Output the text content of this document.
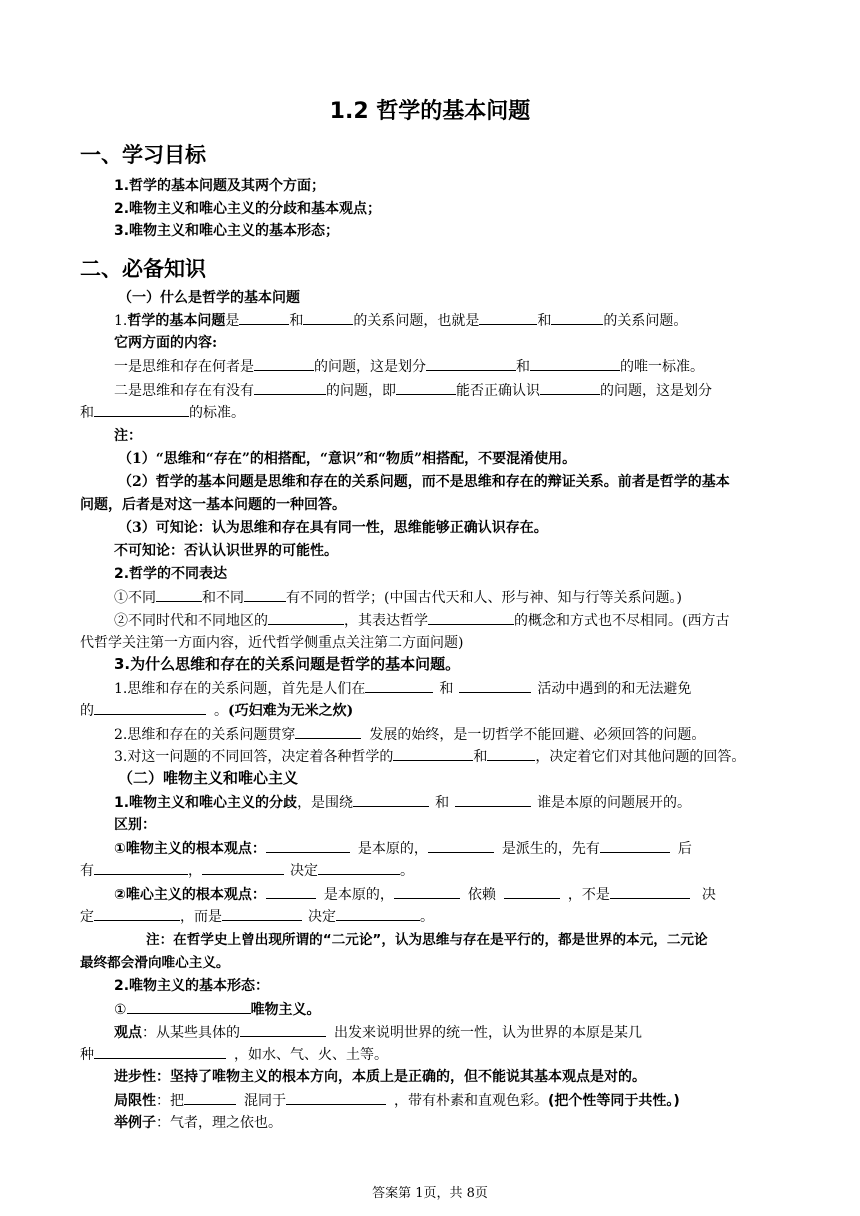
1.2 哲学的基本问题
一、学习目标
1.哲学的基本问题及其两个方面；
2.唯物主义和唯心主义的分歧和基本观点；
3.唯物主义和唯心主义的基本形态；
二、必备知识
（一）什么是哲学的基本问题
1.哲学的基本问题是	和	的关系问题，也就是	和	的关系问题。
它两方面的内容:
一是思维和存在何者是	的问题，这是划分	和	的唯一标准。
二是思维和存在有没有	的问题，即	能否正确认识	的问题，这是划分
和	的标准。
注：
（1）“思维和“存在”的相搭配，“意识”和“物质”相搭配，不要混淆使用。
（2）哲学的基本问题是思维和存在的关系问题，而不是思维和存在的辩证关系。前者是哲学的基本
问题，后者是对这一基本问题的一种回答。
（3）可知论：认为思维和存在具有同一性，思维能够正确认识存在。
不可知论：否认认识世界的可能性。
2.哲学的不同表达
①不同	和不同	有不同的哲学；(中国古代天和人、形与神、知与行等关系问题。)
②不同时代和不同地区的	，其表达哲学	的概念和方式也不尽相同。(西方古
代哲学关注第一方面内容，近代哲学侧重点关注第二方面问题)
3.为什么思维和存在的关系问题是哲学的基本问题。
1.思维和存在的关系问题，首先是人们在	和	活动中遇到的和无法避免
的	。(巧妇难为无米之炊)
2.思维和存在的关系问题贯穿	发展的始终，是一切哲学不能回避、必须回答的问题。
3.对这一问题的不同回答，决定着各种哲学的	和	，决定着它们对其他问题的回答。
（二）唯物主义和唯心主义
1.唯物主义和唯心主义的分歧，是围绕	和	谁是本原的问题展开的。
区别：
①唯物主义的根本观点：	是本原的，	是派生的，先有	后
有	，	决定	。
②唯心主义的根本观点：	是本原的，	依赖	，不是	决
定	，而是	决定	。
注：在哲学史上曾出现所谓的“二元论”，认为思维与存在是平行的，都是世界的本元，二元论
最终都会滑向唯心主义。
2.唯物主义的基本形态：
①	唯物主义。
观点：从某些具体的	出发来说明世界的统一性，认为世界的本原是某几
种	，如水、气、火、土等。
进步性：坚持了唯物主义的根本方向，本质上是正确的，但不能说其基本观点是对的。
局限性：把	混同于	，带有朴素和直观色彩。(把个性等同于共性。)
举例子：气者，理之依也。
答案第 1页，共 8页
